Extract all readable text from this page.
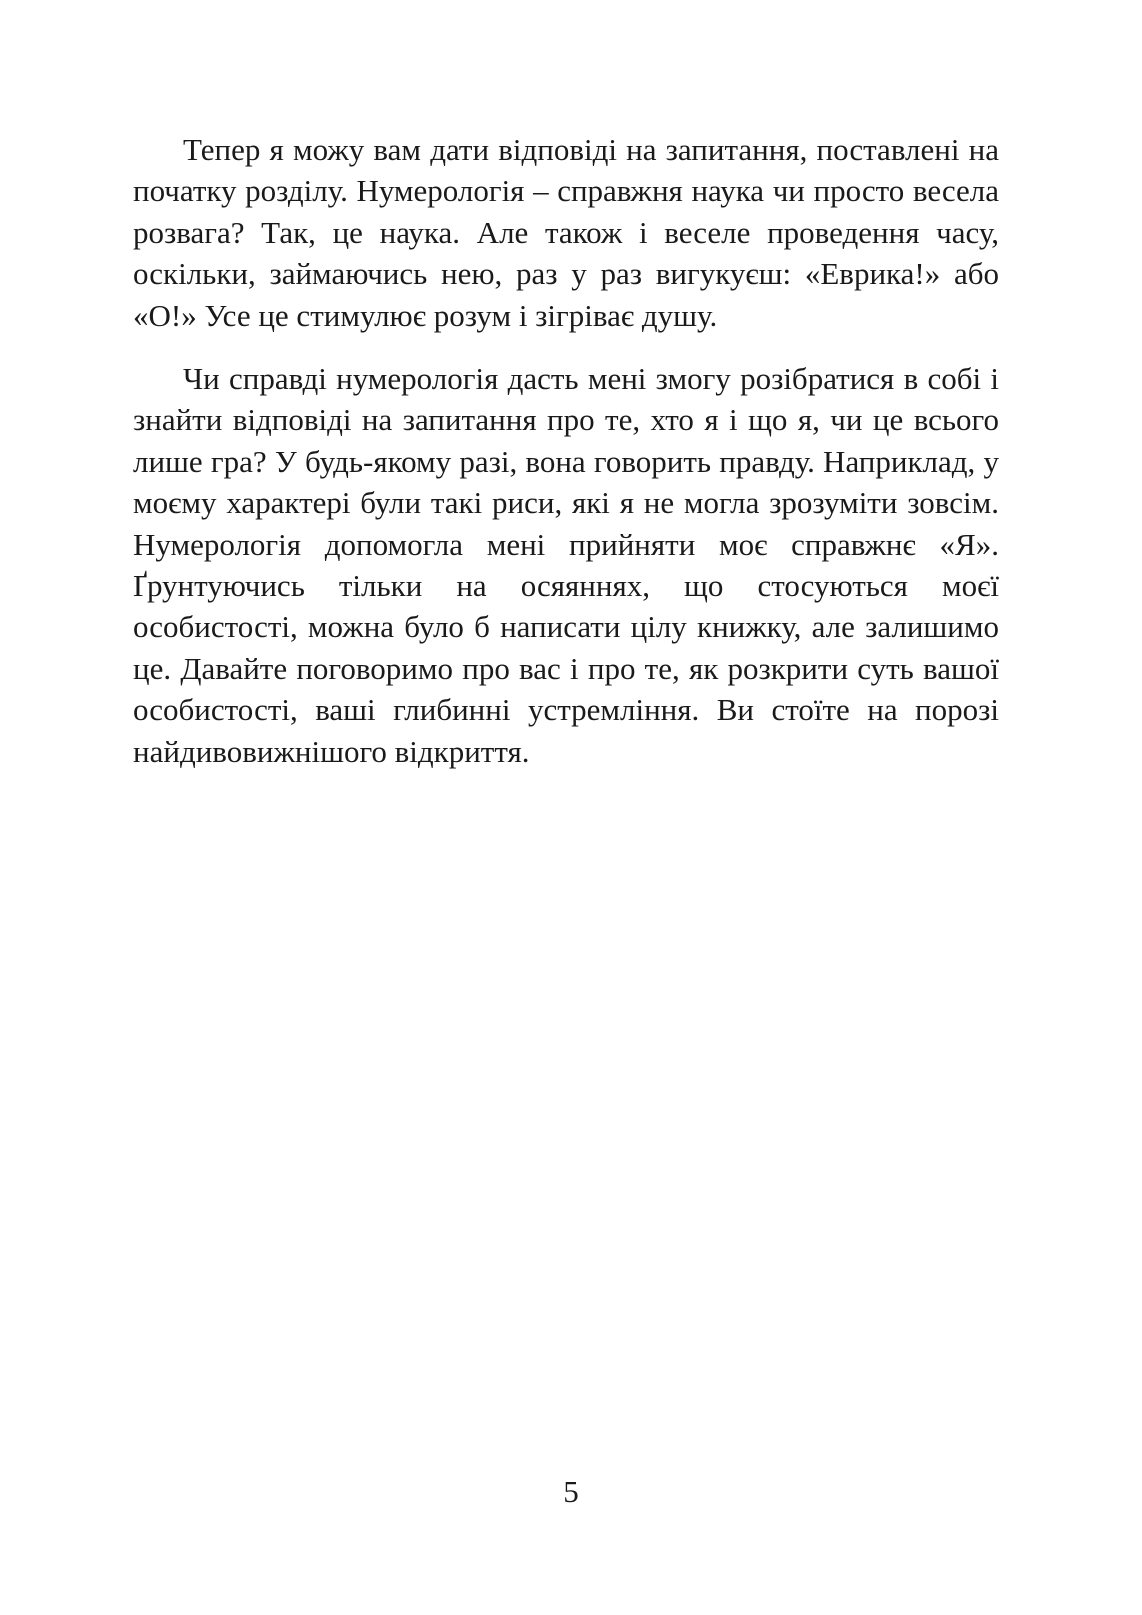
Тепер я можу вам дати відповіді на запитання, поставлені на початку розділу. Нумерологія – справжня наука чи просто весела розвага? Так, це наука. Але також і веселе проведення часу, оскільки, займаючись нею, раз у раз вигукуєш: «Еврика!» або «О!» Усе це стимулює розум і зігріває душу.

Чи справді нумерологія дасть мені змогу розібратися в собі і знайти відповіді на запитання про те, хто я і що я, чи це всього лише гра? У будь-якому разі, вона говорить правду. Наприклад, у моєму характері були такі риси, які я не могла зрозуміти зовсім. Нумерологія допомогла мені прийняти моє справжнє «Я». Ґрунтуючись тільки на осяяннях, що стосуються моєї особистості, можна було б написати цілу книжку, але залишимо це. Давайте поговоримо про вас і про те, як розкрити суть вашої особистості, ваші глибинні устремління. Ви стоїте на порозі найдивовижнішого відкриття.

5
